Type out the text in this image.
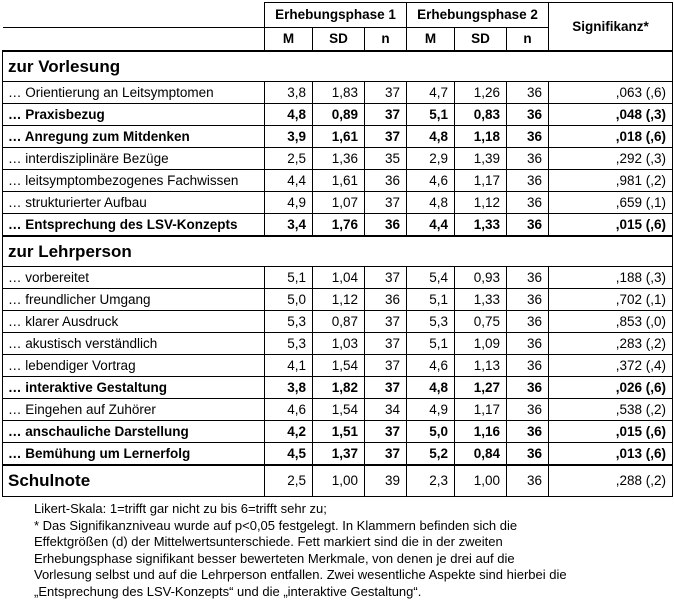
	Erhebungsphase 1			Erhebungsphase 2			Signifikanz*
	M	SD	n	M	SD	n	
zur Vorlesung							
… Orientierung an Leitsymptomen	3,8	1,83	37	4,7	1,26	36	,063 (,6)
… Praxisbezug	4,8	0,89	37	5,1	0,83	36	,048 (,3)
… Anregung zum Mitdenken	3,9	1,61	37	4,8	1,18	36	,018 (,6)
… interdisziplinäre Bezüge	2,5	1,36	35	2,9	1,39	36	,292 (,3)
… leitsymptombezogenes Fachwissen	4,4	1,61	36	4,6	1,17	36	,981 (,2)
… strukturierter Aufbau	4,9	1,07	37	4,8	1,12	36	,659 (,1)
… Entsprechung des LSV-Konzepts	3,4	1,76	36	4,4	1,33	36	,015 (,6)
zur Lehrperson							
… vorbereitet	5,1	1,04	37	5,4	0,93	36	,188 (,3)
… freundlicher Umgang	5,0	1,12	36	5,1	1,33	36	,702 (,1)
… klarer Ausdruck	5,3	0,87	37	5,3	0,75	36	,853 (,0)
… akustisch verständlich	5,3	1,03	37	5,1	1,09	36	,283 (,2)
… lebendiger Vortrag	4,1	1,54	37	4,6	1,13	36	,372 (,4)
… interaktive Gestaltung	3,8	1,82	37	4,8	1,27	36	,026 (,6)
… Eingehen auf Zuhörer	4,6	1,54	34	4,9	1,17	36	,538 (,2)
… anschauliche Darstellung	4,2	1,51	37	5,0	1,16	36	,015 (,6)
… Bemühung um Lernerfolg	4,5	1,37	37	5,2	0,84	36	,013 (,6)
Schulnote	2,5	1,00	39	2,3	1,00	36	,288 (,2)
Likert-Skala: 1=trifft gar nicht zu bis 6=trifft sehr zu;
* Das Signifikanzniveau wurde auf p<0,05 festgelegt. In Klammern befinden sich die
Effektgrößen (d) der Mittelwertsunterschiede. Fett markiert sind die in der zweiten
Erhebungsphase signifikant besser bewerteten Merkmale, von denen je drei auf die
Vorlesung selbst und auf die Lehrperson entfallen. Zwei wesentliche Aspekte sind hierbei die
„Entsprechung des LSV-Konzepts“ und die „interaktive Gestaltung“.
